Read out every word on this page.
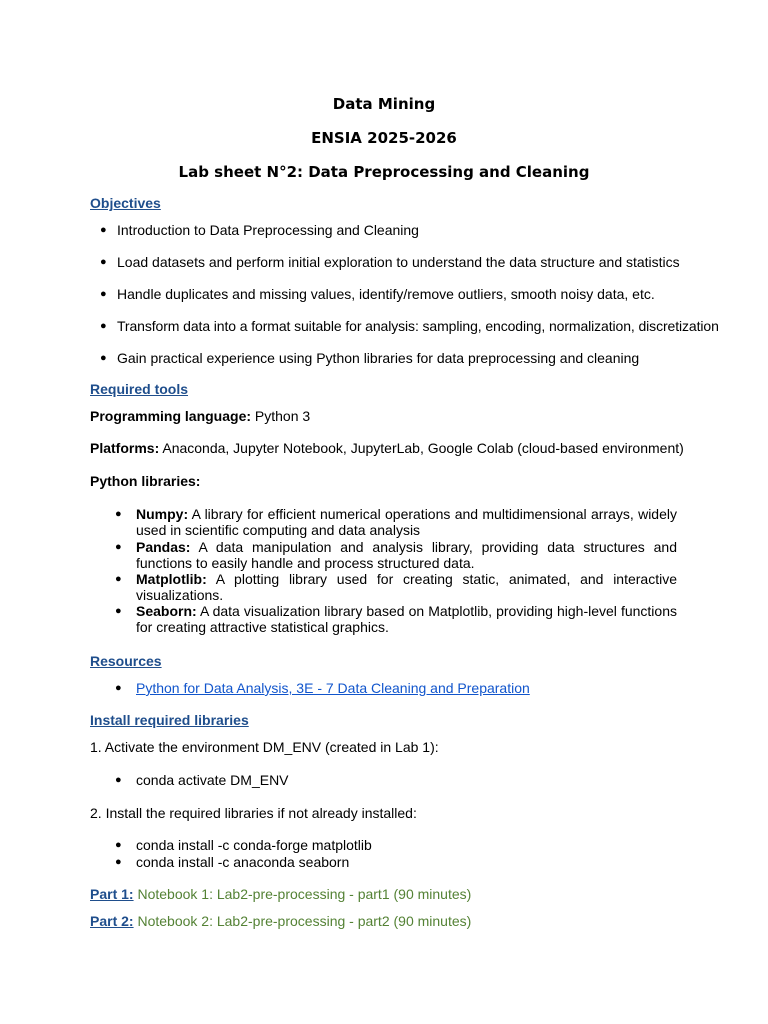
Data Mining
ENSIA 2025-2026
Lab sheet N°2: Data Preprocessing and Cleaning
Objectives
● Introduction to Data Preprocessing and Cleaning
● Load datasets and perform initial exploration to understand the data structure and statistics
● Handle duplicates and missing values, identify/remove outliers, smooth noisy data, etc.
● Transform data into a format suitable for analysis: sampling, encoding, normalization, discretization
● Gain practical experience using Python libraries for data preprocessing and cleaning
Required tools
Programming language: Python 3
Platforms: Anaconda, Jupyter Notebook, JupyterLab, Google Colab (cloud-based environment)
Python libraries:
● Numpy: A library for efficient numerical operations and multidimensional arrays, widely used in scientific computing and data analysis
● Pandas: A data manipulation and analysis library, providing data structures and functions to easily handle and process structured data.
● Matplotlib: A plotting library used for creating static, animated, and interactive visualizations.
● Seaborn: A data visualization library based on Matplotlib, providing high-level functions for creating attractive statistical graphics.
Resources
● Python for Data Analysis, 3E - 7 Data Cleaning and Preparation
Install required libraries
1. Activate the environment DM_ENV (created in Lab 1):
● conda activate DM_ENV
2. Install the required libraries if not already installed:
● conda install -c conda-forge matplotlib
● conda install -c anaconda seaborn
Part 1: Notebook 1: Lab2-pre-processing - part1 (90 minutes)
Part 2: Notebook 2: Lab2-pre-processing - part2 (90 minutes)
